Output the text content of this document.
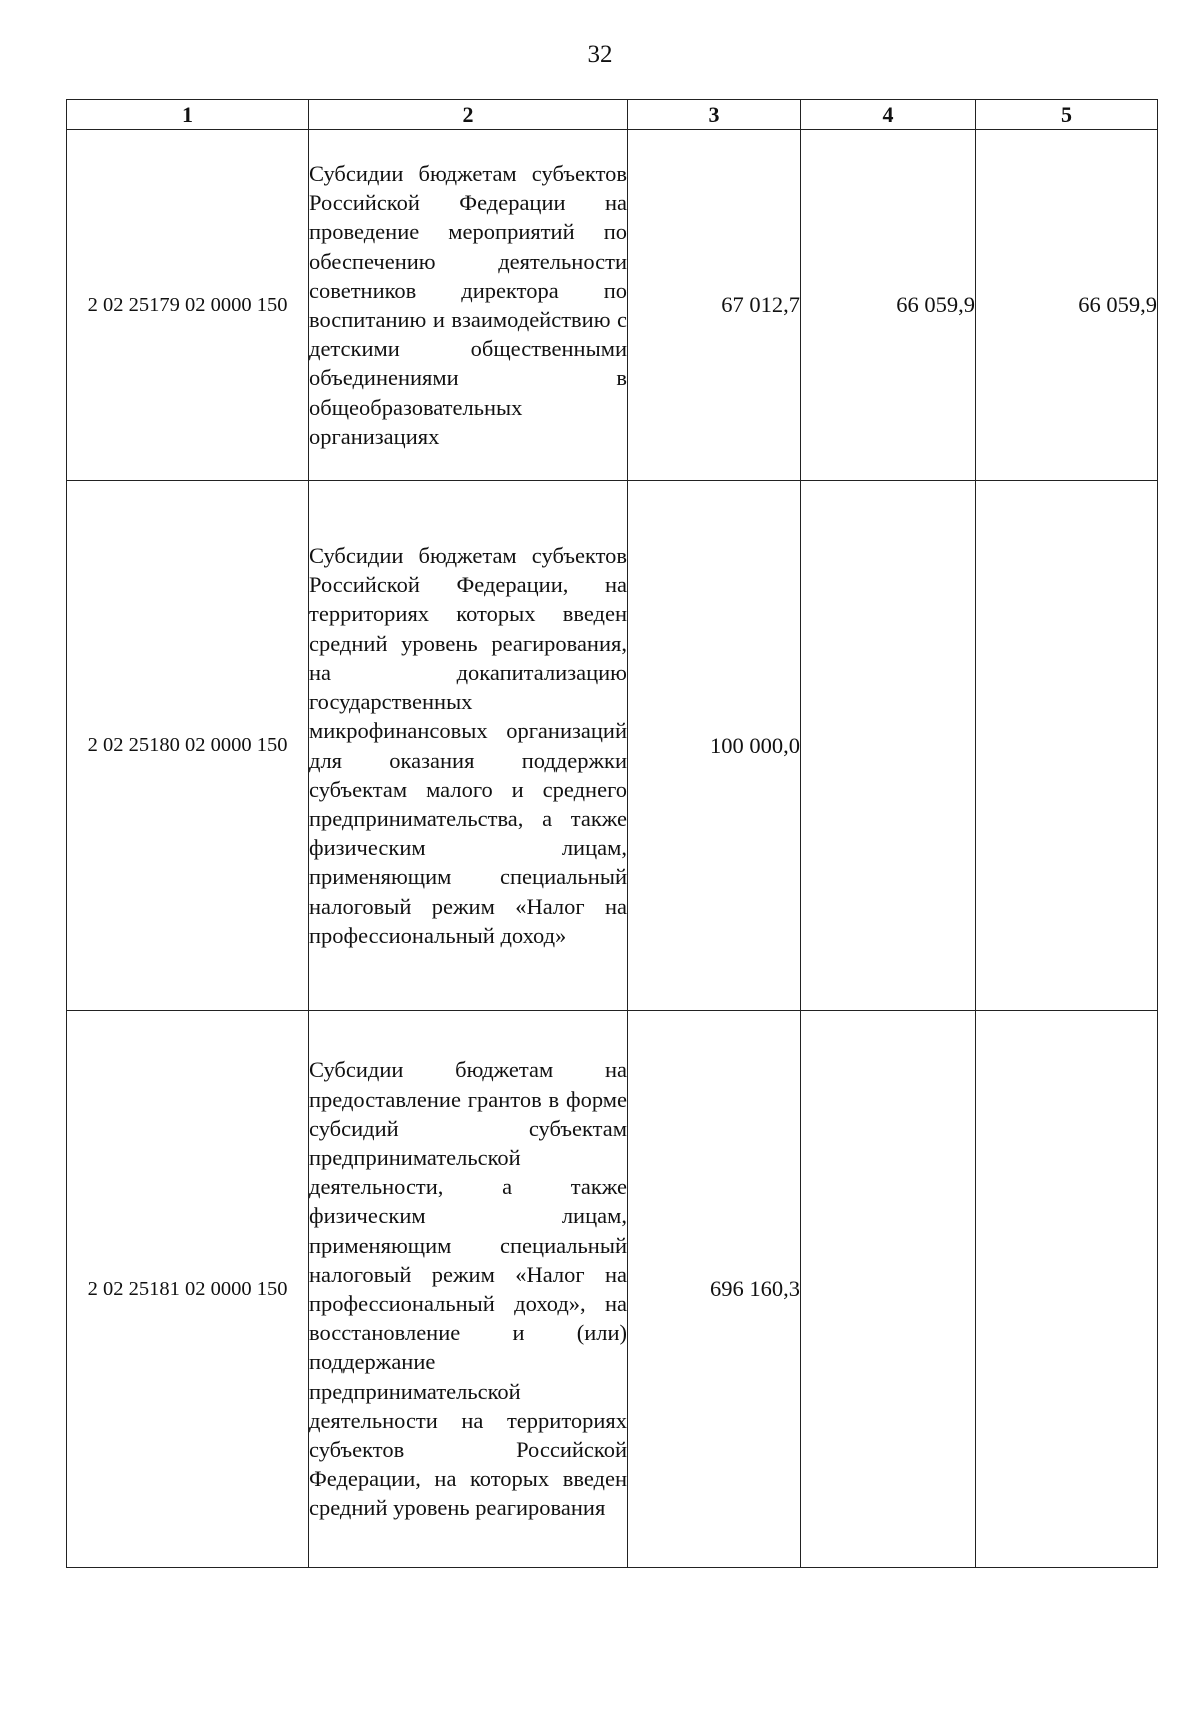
32
1	2	3	4	5
2 02 25179 02 0000 150	Субсидии бюджетам субъектов Российской Федерации на проведение мероприятий по обеспечению деятельности советников директора по воспитанию и взаимодействию с детскими общественными объединениями в общеобразовательных организациях	67 012,7	66 059,9	66 059,9
2 02 25180 02 0000 150	Субсидии бюджетам субъектов Российской Федерации, на территориях которых введен средний уровень реагирования, на докапитализацию государственных микрофинансовых организаций для оказания поддержки субъектам малого и среднего предпринимательства, а также физическим лицам, применяющим специальный налоговый режим «Налог на профессиональный доход»	100 000,0		
2 02 25181 02 0000 150	Субсидии бюджетам на предоставление грантов в форме субсидий субъектам предпринимательской деятельности, а также физическим лицам, применяющим специальный налоговый режим «Налог на профессиональный доход», на восстановление и (или) поддержание предпринимательской деятельности на территориях субъектов Российской Федерации, на которых введен средний уровень реагирования	696 160,3		
